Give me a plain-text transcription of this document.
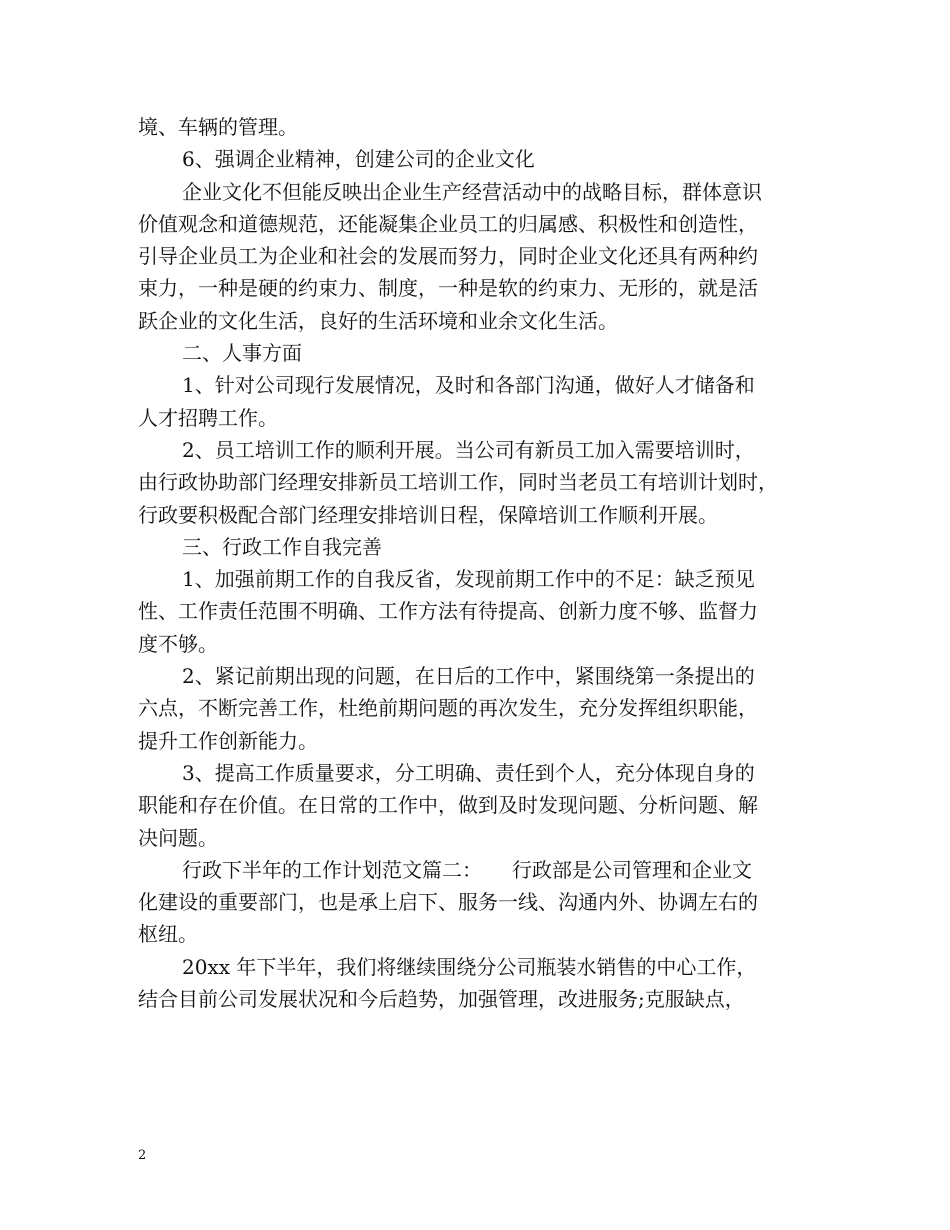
境、车辆的管理。
6、强调企业精神，创建公司的企业文化
企业文化不但能反映出企业生产经营活动中的战略目标，群体意识
价值观念和道德规范，还能凝集企业员工的归属感、积极性和创造性，
引导企业员工为企业和社会的发展而努力，同时企业文化还具有两种约
束力，一种是硬的约束力、制度，一种是软的约束力、无形的，就是活
跃企业的文化生活，良好的生活环境和业余文化生活。
二、人事方面
1、针对公司现行发展情况，及时和各部门沟通，做好人才储备和
人才招聘工作。
2、员工培训工作的顺利开展。当公司有新员工加入需要培训时，
由行政协助部门经理安排新员工培训工作，同时当老员工有培训计划时，
行政要积极配合部门经理安排培训日程，保障培训工作顺利开展。
三、行政工作自我完善
1、加强前期工作的自我反省，发现前期工作中的不足：缺乏预见
性、工作责任范围不明确、工作方法有待提高、创新力度不够、监督力
度不够。
2、紧记前期出现的问题，在日后的工作中，紧围绕第一条提出的
六点，不断完善工作，杜绝前期问题的再次发生，充分发挥组织职能，
提升工作创新能力。
3、提高工作质量要求，分工明确、责任到个人，充分体现自身的
职能和存在价值。在日常的工作中，做到及时发现问题、分析问题、解
决问题。
行政下半年的工作计划范文篇二：　　行政部是公司管理和企业文
化建设的重要部门，也是承上启下、服务一线、沟通内外、协调左右的
枢纽。
20xx 年下半年，我们将继续围绕分公司瓶装水销售的中心工作，
结合目前公司发展状况和今后趋势，加强管理，改进服务;克服缺点，
2
